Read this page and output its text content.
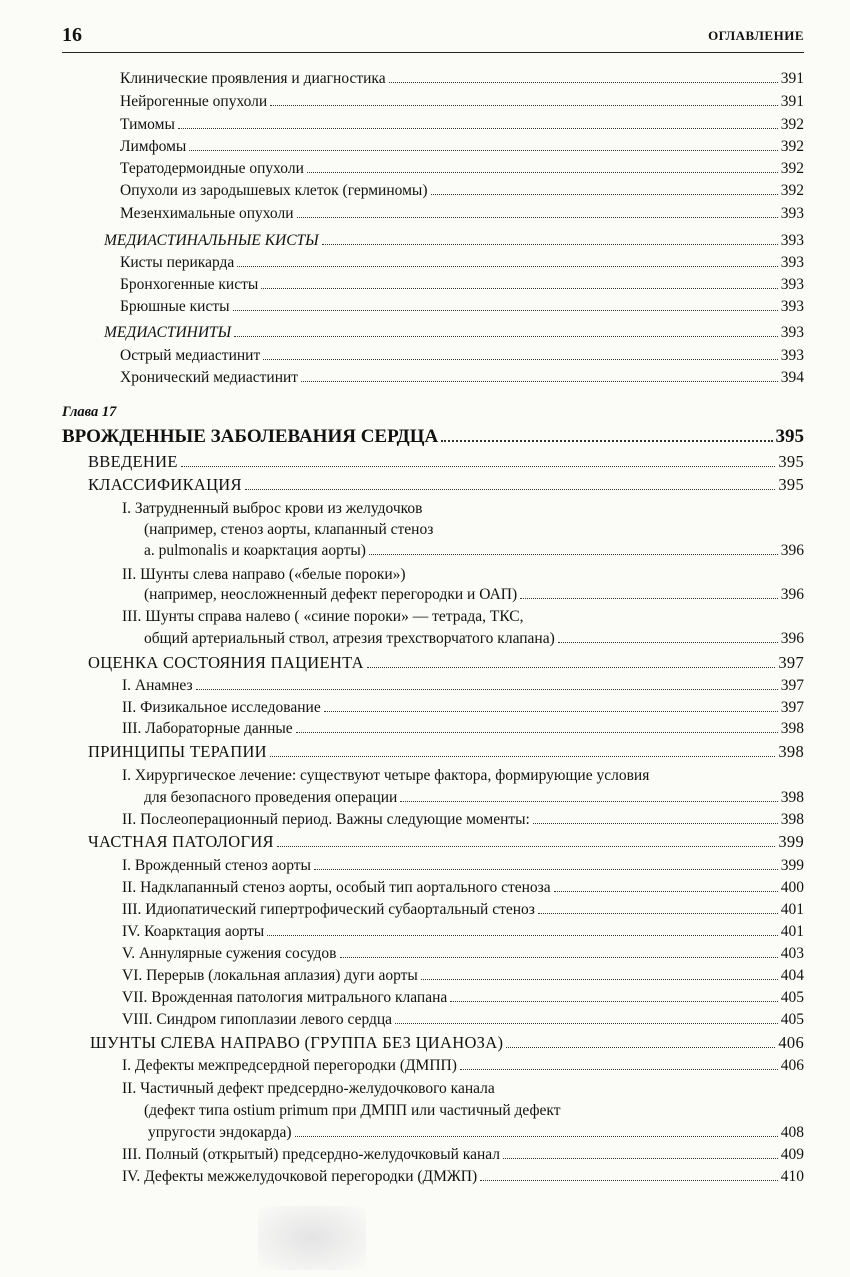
16	ОГЛАВЛЕНИЕ
Клинические проявления и диагностика	391
Нейрогенные опухоли	391
Тимомы	392
Лимфомы	392
Тератодермоидные опухоли	392
Опухоли из зародышевых клеток (герминомы)	392
Мезенхимальные опухоли	393
МЕДИАСТИНАЛЬНЫЕ КИСТЫ	393
Кисты перикарда	393
Бронхогенные кисты	393
Брюшные кисты	393
МЕДИАСТИНИТЫ	393
Острый медиастинит	393
Хронический медиастинит	394
Глава 17
ВРОЖДЕННЫЕ ЗАБОЛЕВАНИЯ СЕРДЦА	395
ВВЕДЕНИЕ	395
КЛАССИФИКАЦИЯ	395
I. Затрудненный выброс крови из желудочков
(например, стеноз аорты, клапанный стеноз
a. pulmonalis и коарктация аорты)	396
II. Шунты слева направо («белые пороки»)
(например, неосложненный дефект перегородки и ОАП)	396
III. Шунты справа налево ( «синие пороки» — тетрада, ТКС,
общий артериальный ствол, атрезия трехстворчатого клапана)	396
ОЦЕНКА СОСТОЯНИЯ ПАЦИЕНТА	397
I. Анамнез	397
II. Физикальное исследование	397
III. Лабораторные данные	398
ПРИНЦИПЫ ТЕРАПИИ	398
I. Хирургическое лечение: существуют четыре фактора, формирующие условия
для безопасного проведения операции	398
II. Послеоперационный период. Важны следующие моменты:	398
ЧАСТНАЯ ПАТОЛОГИЯ	399
I. Врожденный стеноз аорты	399
II. Надклапанный стеноз аорты, особый тип аортального стеноза	400
III. Идиопатический гипертрофический субаортальный стеноз	401
IV. Коарктация аорты	401
V. Аннулярные сужения сосудов	403
VI. Перерыв (локальная аплазия) дуги аорты	404
VII. Врожденная патология митрального клапана	405
VIII. Синдром гипоплазии левого сердца	405
ШУНТЫ СЛЕВА НАПРАВО (ГРУППА БЕЗ ЦИАНОЗА)	406
I. Дефекты межпредсердной перегородки (ДМПП)	406
II. Частичный дефект предсердно-желудочкового канала
(дефект типа ostium primum при ДМПП или частичный дефект
упругости эндокарда)	408
III. Полный (открытый) предсердно-желудочковый канал	409
IV. Дефекты межжелудочковой перегородки (ДМЖП)	410
